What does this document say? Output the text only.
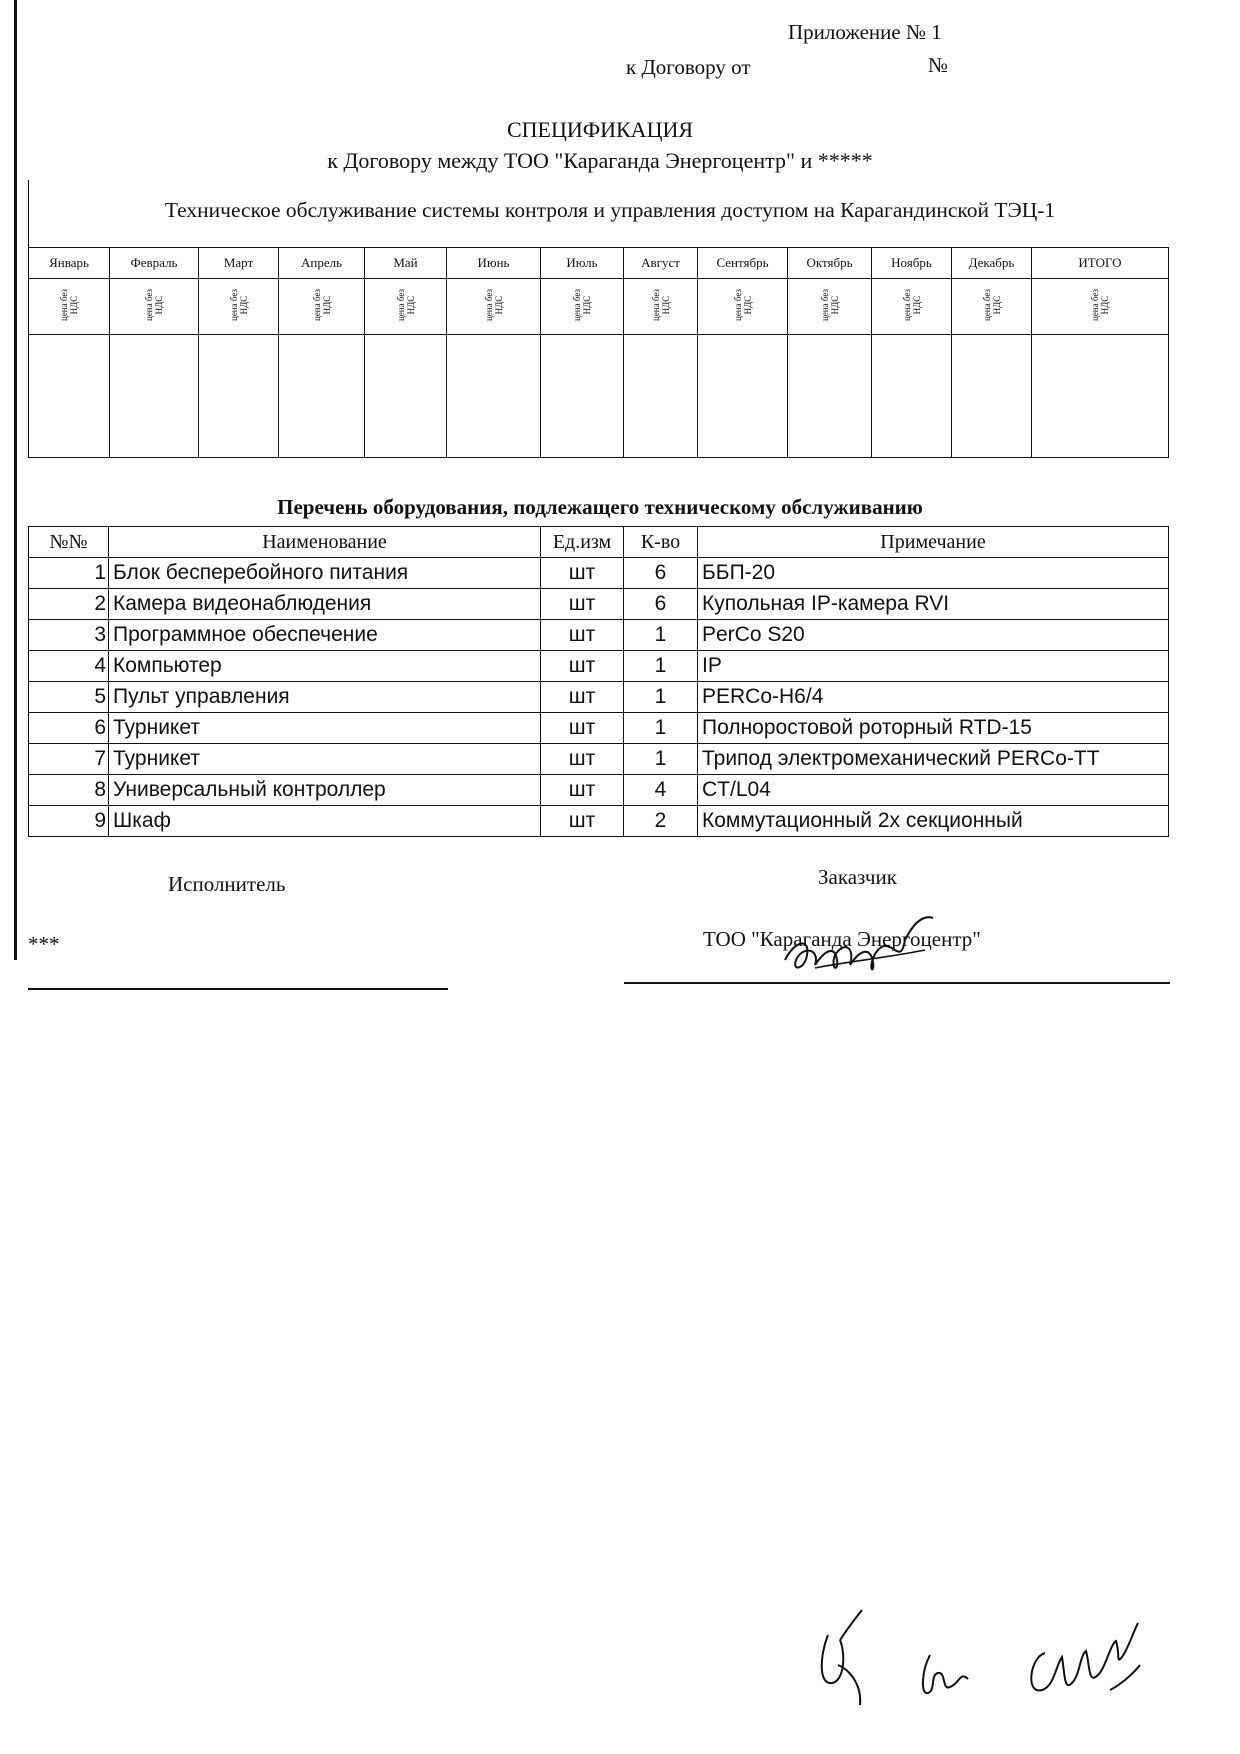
Приложение № 1
к Договору от	№
СПЕЦИФИКАЦИЯ
к Договору между ТОО "Караганда Энергоцентр" и *****
Техническое обслуживание системы контроля и управления доступом на Карагандинской ТЭЦ-1
Январь	Февраль	Март	Апрель	Май	Июнь	Июль	Август	Сентябрь	Октябрь	Ноябрь	Декабрь	ИТОГО
цена без НДС	цена без НДС	цена без НДС	цена без НДС	цена без НДС	цена без НДС	цена без НДС	цена без НДС	цена без НДС	цена без НДС	цена без НДС	цена без НДС	цена без НДС

Перечень оборудования, подлежащего техническому обслуживанию
№№	Наименование	Ед.изм	К-во	Примечание
1	Блок бесперебойного питания	шт	6	ББП-20
2	Камера видеонаблюдения	шт	6	Купольная IP-камера RVI
3	Программное обеспечение	шт	1	PerCo S20
4	Компьютер	шт	1	IP
5	Пульт управления	шт	1	PERCo-H6/4
6	Турникет	шт	1	Полноростовой роторный RTD-15
7	Турникет	шт	1	Трипод электромеханический PERCo-TT
8	Универсальный контроллер	шт	4	CT/L04
9	Шкаф	шт	2	Коммутационный 2х секционный
Исполнитель	Заказчик
***	ТОО "Караганда Энергоцентр"
